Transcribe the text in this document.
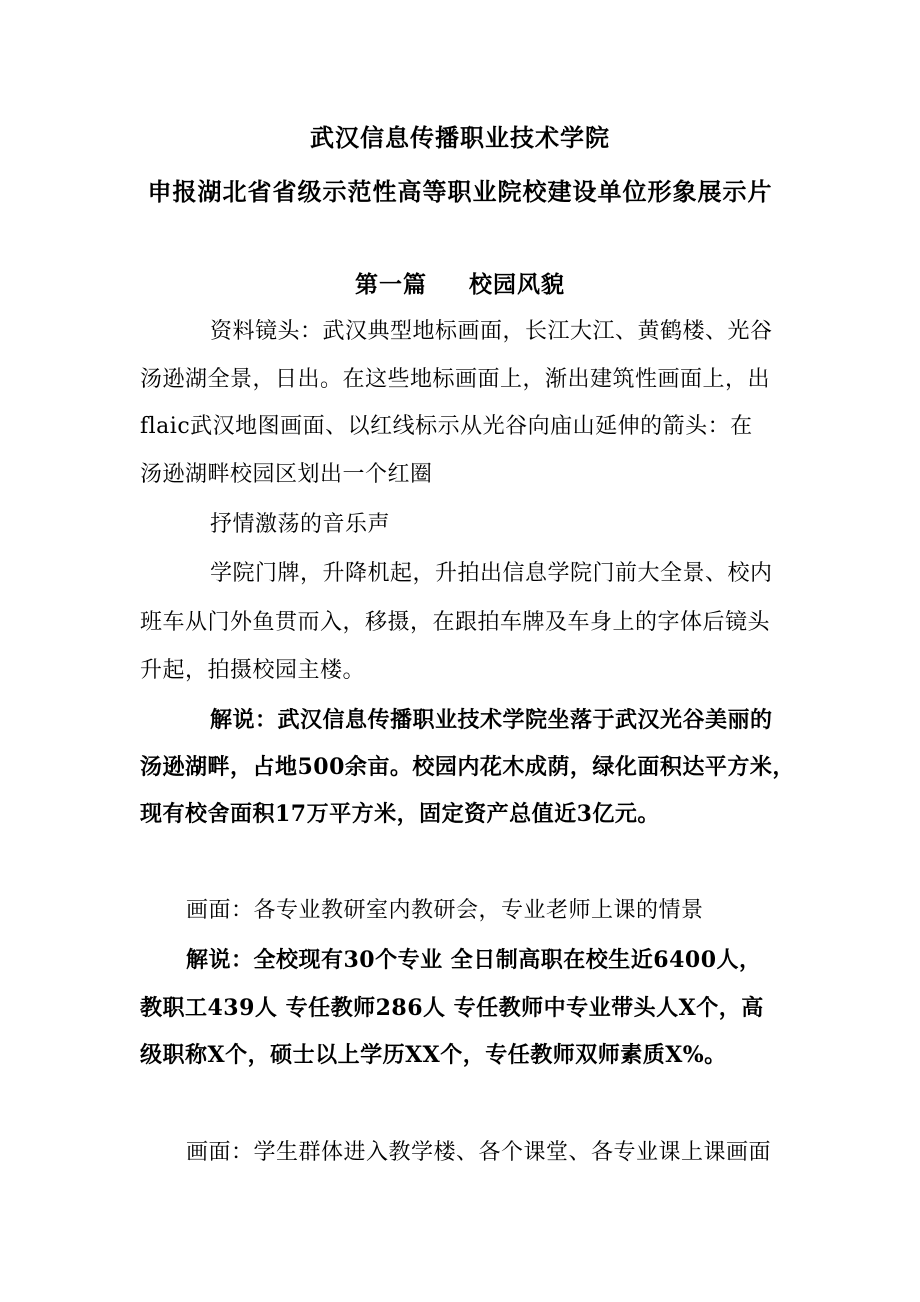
武汉信息传播职业技术学院
申报湖北省省级示范性高等职业院校建设单位形象展示片
第一篇 校园风貌
资料镜头：武汉典型地标画面，长江大江、黄鹤楼、光谷
汤逊湖全景，日出。在这些地标画面上，渐出建筑性画面上，出
flaic武汉地图画面、以红线标示从光谷向庙山延伸的箭头：在
汤逊湖畔校园区划出一个红圈
抒情激荡的音乐声
学院门牌，升降机起，升拍出信息学院门前大全景、校内
班车从门外鱼贯而入，移摄，在跟拍车牌及车身上的字体后镜头
升起，拍摄校园主楼。
解说：武汉信息传播职业技术学院坐落于武汉光谷美丽的
汤逊湖畔，占地500余亩。校园内花木成荫，绿化面积达平方米，
现有校舍面积17万平方米，固定资产总值近3亿元。
画面：各专业教研室内教研会，专业老师上课的情景
解说：全校现有30个专业 全日制高职在校生近6400人，
教职工439人 专任教师286人 专任教师中专业带头人X个，高
级职称X个，硕士以上学历XX个，专任教师双师素质X%。
画面：学生群体进入教学楼、各个课堂、各专业课上课画面
